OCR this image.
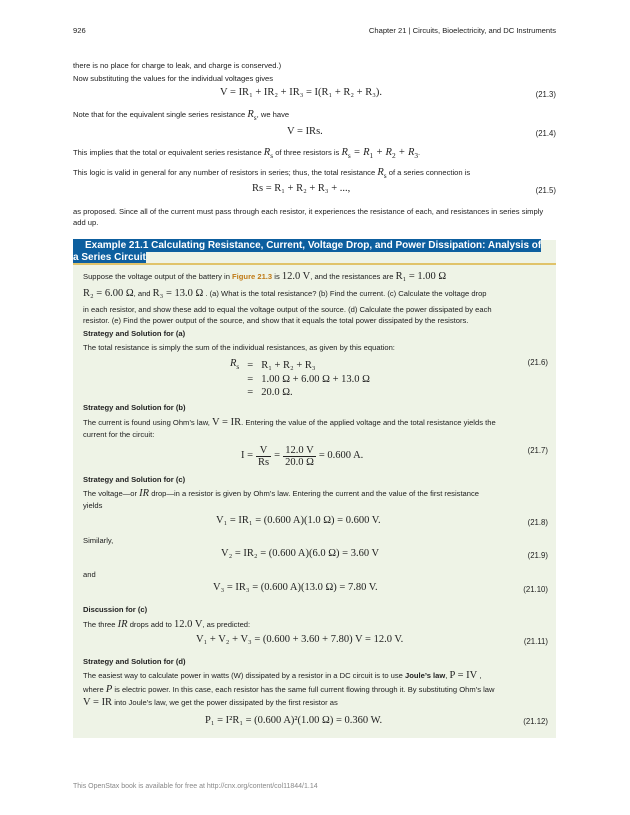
926	Chapter 21 | Circuits, Bioelectricity, and DC Instruments
there is no place for charge to leak, and charge is conserved.)
Now substituting the values for the individual voltages gives
V = IR₁ + IR₂ + IR₃ = I(R₁ + R₂ + R₃).	(21.3)
Note that for the equivalent single series resistance $R_s$, we have
V = IRs.	(21.4)
This implies that the total or equivalent series resistance $R_s$ of three resistors is $R_s = R_1 + R_2 + R_3$.
This logic is valid in general for any number of resistors in series; thus, the total resistance $R_s$ of a series connection is
Rs = R₁ + R₂ + R₃ + ...,	(21.5)
as proposed. Since all of the current must pass through each resistor, it experiences the resistance of each, and resistances in series simply add up.
Example 21.1 Calculating Resistance, Current, Voltage Drop, and Power Dissipation: Analysis of
a Series Circuit
Suppose the voltage output of the battery in Figure 21.3 is 12.0 V, and the resistances are R₁ = 1.00 Ω
R₂ = 6.00 Ω, and R₃ = 13.0 Ω . (a) What is the total resistance? (b) Find the current. (c) Calculate the voltage drop
in each resistor, and show these add to equal the voltage output of the source. (d) Calculate the power dissipated by each
resistor. (e) Find the power output of the source, and show that it equals the total power dissipated by the resistors.
Strategy and Solution for (a)
The total resistance is simply the sum of the individual resistances, as given by this equation:
$R_s$	=	R₁ + R₂ + R₃
	=	1.00 Ω + 6.00 Ω + 13.0 Ω
	=	20.0 Ω.
(21.6)
Strategy and Solution for (b)
The current is found using Ohm’s law, V = IR. Entering the value of the applied voltage and the total resistance yields the
current for the circuit:
$I = \frac{V}{Rs} = \frac{12.0 V}{20.0 \Omega} = 0.600$ A.	(21.7)
Strategy and Solution for (c)
The voltage—or IR drop—in a resistor is given by Ohm’s law. Entering the current and the value of the first resistance
yields
V₁ = IR₁ = (0.600 A)(1.0 Ω) = 0.600 V.	(21.8)
Similarly,
V₂ = IR₂ = (0.600 A)(6.0 Ω) = 3.60 V	(21.9)
and
V₃ = IR₃ = (0.600 A)(13.0 Ω) = 7.80 V.	(21.10)
Discussion for (c)
The three IR drops add to 12.0 V, as predicted:
V₁ + V₂ + V₃ = (0.600 + 3.60 + 7.80) V = 12.0 V.	(21.11)
Strategy and Solution for (d)
The easiest way to calculate power in watts (W) dissipated by a resistor in a DC circuit is to use Joule’s law, P = IV ,
where P is electric power. In this case, each resistor has the same full current flowing through it. By substituting Ohm’s law
V = IR into Joule’s law, we get the power dissipated by the first resistor as
P₁ = I²R₁ = (0.600 A)²(1.00 Ω) = 0.360 W.	(21.12)
This OpenStax book is available for free at http://cnx.org/content/col11844/1.14
